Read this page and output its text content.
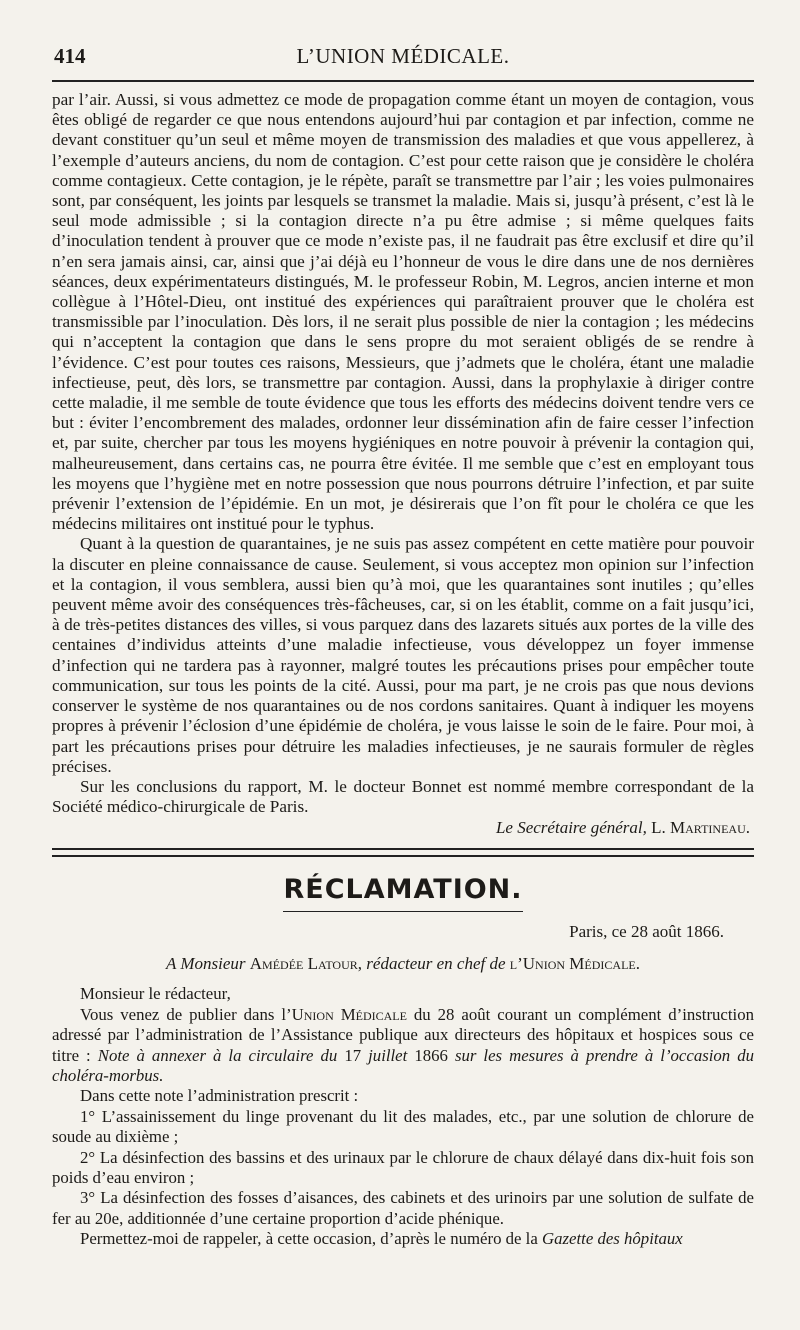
414	L’UNION MÉDICALE.

par l’air. Aussi, si vous admettez ce mode de propagation comme étant un moyen de contagion, vous êtes obligé de regarder ce que nous entendons aujourd’hui par contagion et par infection, comme ne devant constituer qu’un seul et même moyen de transmission des maladies et que vous appellerez, à l’exemple d’auteurs anciens, du nom de contagion. C’est pour cette raison que je considère le choléra comme contagieux. Cette contagion, je le répète, paraît se transmettre par l’air ; les voies pulmonaires sont, par conséquent, les joints par lesquels se transmet la maladie. Mais si, jusqu’à présent, c’est là le seul mode admissible ; si la contagion directe n’a pu être admise ; si même quelques faits d’inoculation tendent à prouver que ce mode n’existe pas, il ne faudrait pas être exclusif et dire qu’il n’en sera jamais ainsi, car, ainsi que j’ai déjà eu l’honneur de vous le dire dans une de nos dernières séances, deux expérimentateurs distingués, M. le professeur Robin, M. Legros, ancien interne et mon collègue à l’Hôtel-Dieu, ont institué des expériences qui paraîtraient prouver que le choléra est transmissible par l’inoculation. Dès lors, il ne serait plus possible de nier la contagion ; les médecins qui n’acceptent la contagion que dans le sens propre du mot seraient obligés de se rendre à l’évidence. C’est pour toutes ces raisons, Messieurs, que j’admets que le choléra, étant une maladie infectieuse, peut, dès lors, se transmettre par contagion. Aussi, dans la prophylaxie à diriger contre cette maladie, il me semble de toute évidence que tous les efforts des médecins doivent tendre vers ce but : éviter l’encombrement des malades, ordonner leur dissémination afin de faire cesser l’infection et, par suite, chercher par tous les moyens hygiéniques en notre pouvoir à prévenir la contagion qui, malheureusement, dans certains cas, ne pourra être évitée. Il me semble que c’est en employant tous les moyens que l’hygiène met en notre possession que nous pourrons détruire l’infection, et par suite prévenir l’extension de l’épidémie. En un mot, je désirerais que l’on fît pour le choléra ce que les médecins militaires ont institué pour le typhus.

Quant à la question de quarantaines, je ne suis pas assez compétent en cette matière pour pouvoir la discuter en pleine connaissance de cause. Seulement, si vous acceptez mon opinion sur l’infection et la contagion, il vous semblera, aussi bien qu’à moi, que les quarantaines sont inutiles ; qu’elles peuvent même avoir des conséquences très-fâcheuses, car, si on les établit, comme on a fait jusqu’ici, à de très-petites distances des villes, si vous parquez dans des lazarets situés aux portes de la ville des centaines d’individus atteints d’une maladie infectieuse, vous développez un foyer immense d’infection qui ne tardera pas à rayonner, malgré toutes les précautions prises pour empêcher toute communication, sur tous les points de la cité. Aussi, pour ma part, je ne crois pas que nous devions conserver le système de nos quarantaines ou de nos cordons sanitaires. Quant à indiquer les moyens propres à prévenir l’éclosion d’une épidémie de choléra, je vous laisse le soin de le faire. Pour moi, à part les précautions prises pour détruire les maladies infectieuses, je ne saurais formuler de règles précises.

Sur les conclusions du rapport, M. le docteur Bonnet est nommé membre correspondant de la Société médico-chirurgicale de Paris.

Le Secrétaire général, L. Martineau.
RÉCLAMATION.
Paris, ce 28 août 1866.
A Monsieur Amédée Latour, rédacteur en chef de l’Union Médicale.

Monsieur le rédacteur,

Vous venez de publier dans l’Union Médicale du 28 août courant un complément d’instruction adressé par l’administration de l’Assistance publique aux directeurs des hôpitaux et hospices sous ce titre : Note à annexer à la circulaire du 17 juillet 1866 sur les mesures à prendre à l’occasion du choléra-morbus.

Dans cette note l’administration prescrit :

1° L’assainissement du linge provenant du lit des malades, etc., par une solution de chlorure de soude au dixième ;

2° La désinfection des bassins et des urinaux par le chlorure de chaux délayé dans dix-huit fois son poids d’eau environ ;

3° La désinfection des fosses d’aisances, des cabinets et des urinoirs par une solution de sulfate de fer au 20e, additionnée d’une certaine proportion d’acide phénique.

Permettez-moi de rappeler, à cette occasion, d’après le numéro de la Gazette des hôpitaux
